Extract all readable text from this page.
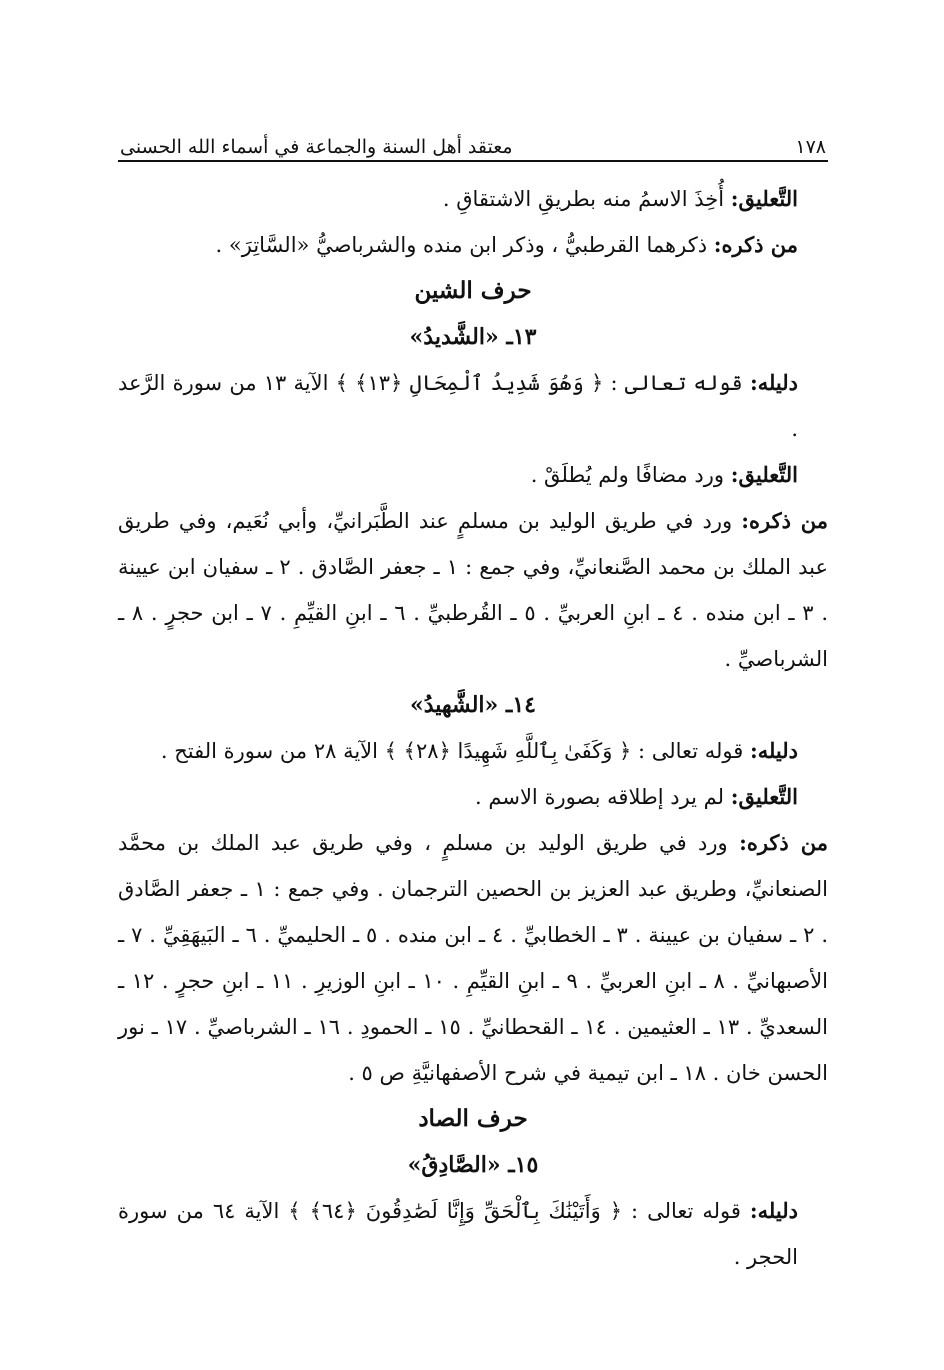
١٧٨
معتقد أهل السنة والجماعة في أسماء الله الحسنى

التَّعليق: أُخِذَ الاسمُ منه بطريقِ الاشتقاقِ .

من ذكره: ذكرهما القرطبيُّ ، وذكر ابن منده والشرباصيُّ «السَّاتِرَ» .

حرف الشين

١٣ـ «الشَّديدُ»

دليله: قوله تعالى : ﴿ وَهُوَ شَدِيدُ ٱلْمِحَالِ ﴿١٣﴾ ﴾ الآية ١٣ من سورة الرَّعد .

التَّعليق: ورد مضافًا ولم يُطلَقْ .

من ذكره: ورد في طريق الوليد بن مسلمٍ عند الطَّبَرانيِّ، وأبي نُعَيم، وفي طريق عبد الملك بن محمد الصَّنعانيِّ، وفي جمع : ١ ـ جعفر الصَّادق . ٢ ـ سفيان ابن عيينة . ٣ ـ ابن منده . ٤ ـ ابنِ العربيِّ . ٥ ـ القُرطبيِّ . ٦ ـ ابنِ القيِّمِ . ٧ ـ ابن حجرٍ . ٨ ـ الشرباصيِّ .

١٤ـ «الشَّهيدُ»

دليله: قوله تعالى : ﴿ وَكَفَىٰ بِٱللَّهِ شَهِيدًا ﴿٢٨﴾ ﴾ الآية ٢٨ من سورة الفتح .

التَّعليق: لم يرد إطلاقه بصورة الاسم .

من ذكره: ورد في طريق الوليد بن مسلمٍ ، وفي طريق عبد الملك بن محمَّد الصنعانيِّ، وطريق عبد العزيز بن الحصين الترجمان . وفي جمع : ١ ـ جعفر الصَّادق . ٢ ـ سفيان بن عيينة . ٣ ـ الخطابيِّ . ٤ ـ ابن منده . ٥ ـ الحليميِّ . ٦ ـ البَيهَقِيِّ . ٧ ـ الأصبهانيِّ . ٨ ـ ابنِ العربيِّ . ٩ ـ ابنِ القيِّمِ . ١٠ ـ ابنِ الوزيرِ . ١١ ـ ابنِ حجرٍ . ١٢ ـ السعديِّ . ١٣ ـ العثيمين . ١٤ ـ القحطانيِّ . ١٥ ـ الحمودِ . ١٦ ـ الشرباصيِّ . ١٧ ـ نور الحسن خان . ١٨ ـ ابن تيمية في شرح الأصفهانيَّةِ ص ٥ .

حرف الصاد

١٥ـ «الصَّادِقُ»

دليله: قوله تعالى : ﴿ وَأَتَيْنَٰكَ بِٱلْحَقِّ وَإِنَّا لَصَٰدِقُونَ ﴿٦٤﴾ ﴾ الآية ٦٤ من سورة الحجر .
